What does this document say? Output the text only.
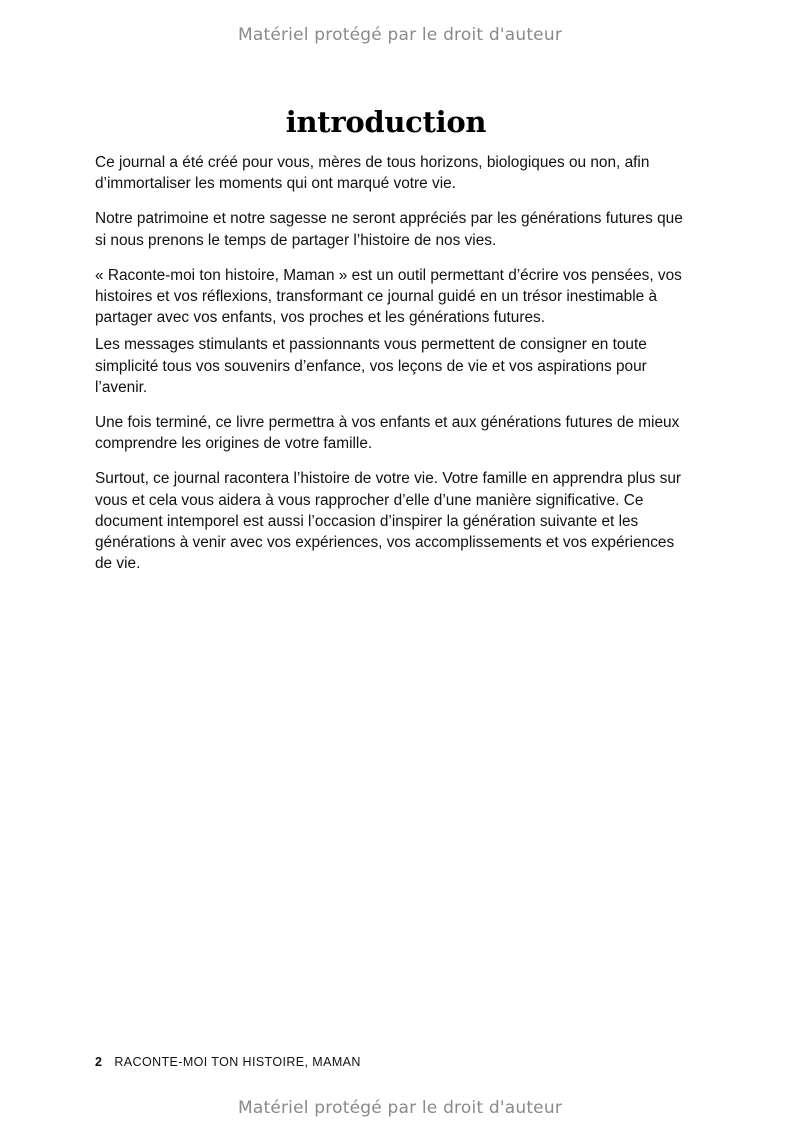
Matériel protégé par le droit d'auteur
introduction

Ce journal a été créé pour vous, mères de tous horizons, biologiques ou non, afin d’immortaliser les moments qui ont marqué votre vie.

Notre patrimoine et notre sagesse ne seront appréciés par les générations futures que si nous prenons le temps de partager l’histoire de nos vies.

« Raconte-moi ton histoire, Maman » est un outil permettant d’écrire vos pensées, vos histoires et vos réflexions, transformant ce journal guidé en un trésor inestimable à partager avec vos enfants, vos proches et les générations futures.

Les messages stimulants et passionnants vous permettent de consigner en toute simplicité tous vos souvenirs d’enfance, vos leçons de vie et vos aspirations pour l’avenir.

Une fois terminé, ce livre permettra à vos enfants et aux générations futures de mieux comprendre les origines de votre famille.

Surtout, ce journal racontera l’histoire de votre vie. Votre famille en apprendra plus sur vous et cela vous aidera à vous rapprocher d’elle d’une manière significative. Ce document intemporel est aussi l’occasion d’inspirer la génération suivante et les générations à venir avec vos expériences, vos accomplissements et vos expériences de vie.

2 RACONTE-MOI TON HISTOIRE, MAMAN
Matériel protégé par le droit d'auteur
